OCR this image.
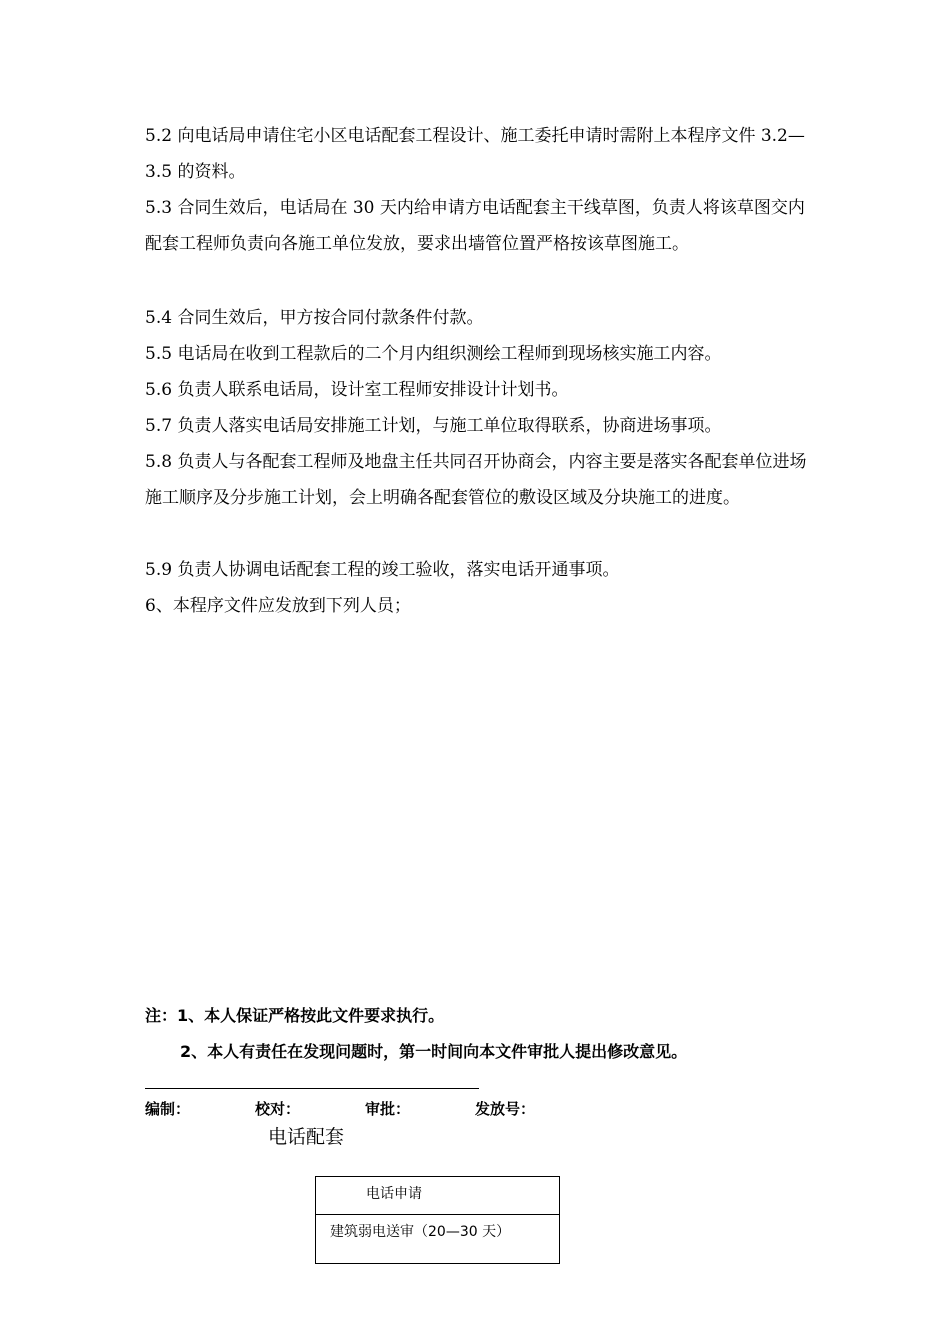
5.2 向电话局申请住宅小区电话配套工程设计、施工委托申请时需附上本程序文件 3.2—3.5 的资料。

5.3 合同生效后，电话局在 30 天内给申请方电话配套主干线草图，负责人将该草图交内配套工程师负责向各施工单位发放，要求出墙管位置严格按该草图施工。

5.4 合同生效后，甲方按合同付款条件付款。

5.5 电话局在收到工程款后的二个月内组织测绘工程师到现场核实施工内容。

5.6 负责人联系电话局，设计室工程师安排设计计划书。

5.7 负责人落实电话局安排施工计划，与施工单位取得联系，协商进场事项。

5.8 负责人与各配套工程师及地盘主任共同召开协商会，内容主要是落实各配套单位进场施工顺序及分步施工计划，会上明确各配套管位的敷设区域及分块施工的进度。

5.9 负责人协调电话配套工程的竣工验收，落实电话开通事项。

6、本程序文件应发放到下列人员；

注：1、本人保证严格按此文件要求执行。
2、本人有责任在发现问题时，第一时间向本文件审批人提出修改意见。
编制：	校对：	审批：	发放号：
电话配套
电话申请
建筑弱电送审（20—30 天）
